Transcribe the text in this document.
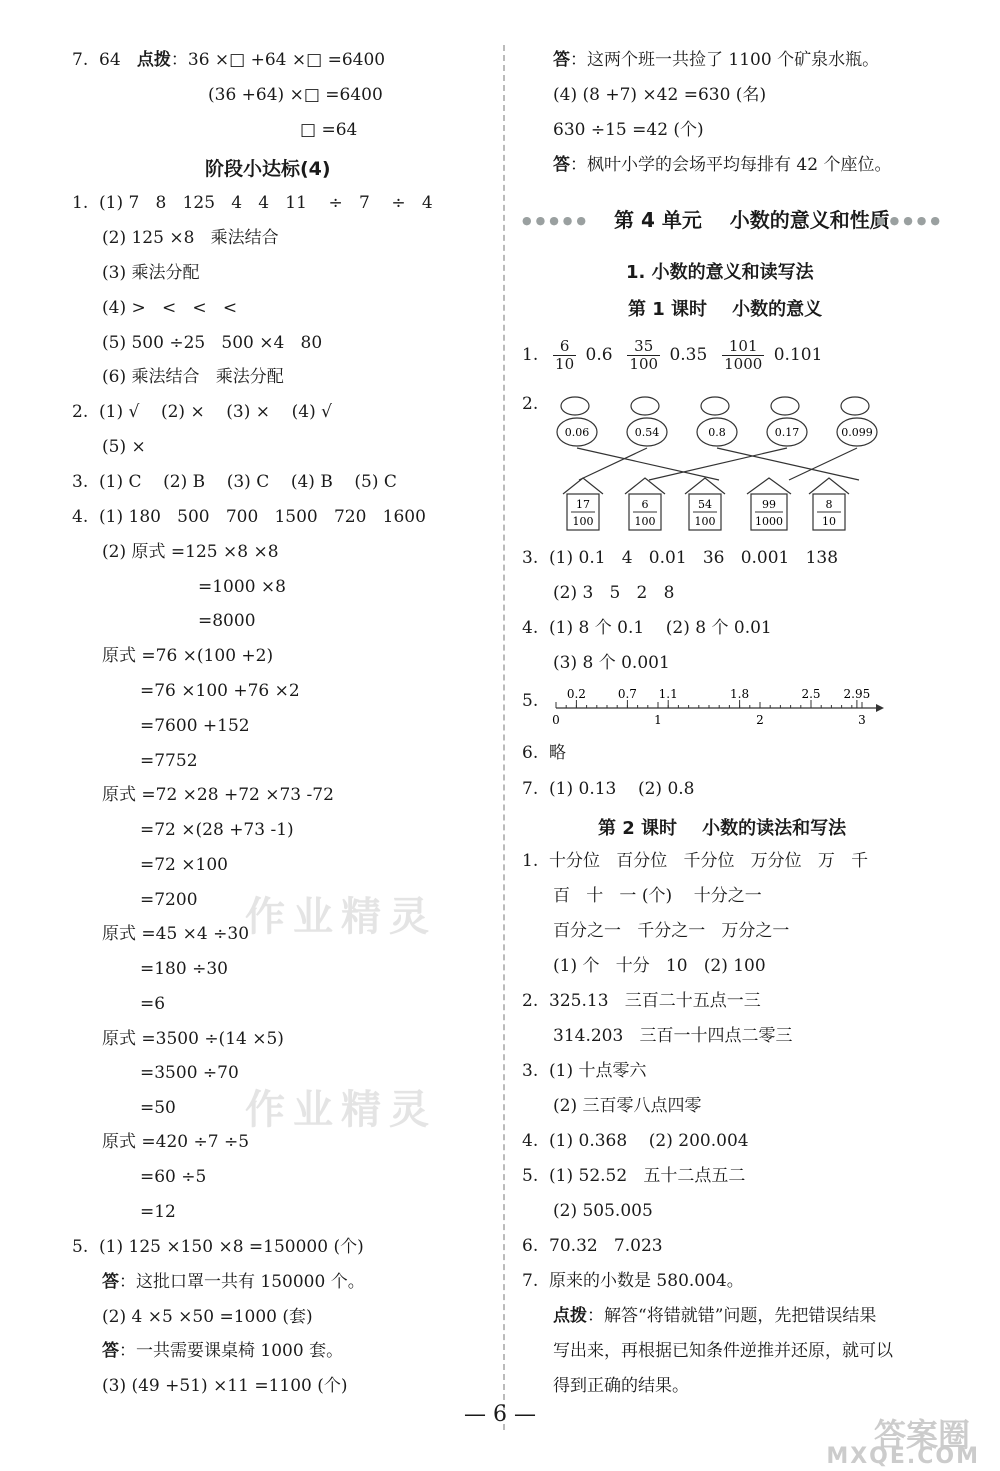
7.  64   点拨：36 ×□ +64 ×□ =6400
(36 +64) ×□ =6400
□ =64
阶段小达标(4)
1.  (1) 7   8   125   4   4   11    ÷   7    ÷   4
(2) 125 ×8   乘法结合
(3) 乘法分配
(4) >   <   <   <
(5) 500 ÷25   500 ×4   80
(6) 乘法结合   乘法分配
2.  (1) √    (2) ×    (3) ×    (4) √
(5) ×
3.  (1) C    (2) B    (3) C    (4) B    (5) C
4.  (1) 180   500   700   1500   720   1600
(2) 原式 =125 ×8 ×8
=1000 ×8
=8000
原式 =76 ×(100 +2)
=76 ×100 +76 ×2
=7600 +152
=7752
原式 =72 ×28 +72 ×73 -72
=72 ×(28 +73 -1)
=72 ×100
=7200
原式 =45 ×4 ÷30
=180 ÷30
=6
原式 =3500 ÷(14 ×5)
=3500 ÷70
=50
原式 =420 ÷7 ÷5
=60 ÷5
=12
5.  (1) 125 ×150 ×8 =150000 (个)
答：这批口罩一共有 150000 个。
(2) 4 ×5 ×50 =1000 (套)
答：一共需要课桌椅 1000 套。
(3) (49 +51) ×11 =1100 (个)
作业精灵
作业精灵
答：这两个班一共捡了 1100 个矿泉水瓶。
(4) (8 +7) ×42 =630 (名)
630 ÷15 =42 (个)
答：枫叶小学的会场平均每排有 42 个座位。
●●●●● 第 4 单元    小数的意义和性质
●●●●●
1. 小数的意义和读写法
第 1 课时    小数的意义
1. $\frac{6}{10} 0.6 \frac{35}{100} 0.35 \frac{101}{1000} 0.101$
2.
0.06	0.54	0.8	0.17	0.099
17
100
6
100
54
100
99
1000
8
10
3.  (1) 0.1   4   0.01   36   0.001   138
(2) 3   5   2   8
4.  (1) 8 个 0.1    (2) 8 个 0.01
(3) 8 个 0.001
5. 0.2	0.7 1.1	1.8	2.5 2.95
0	1	2	3
6.  略
7.  (1) 0.13    (2) 0.8
第 2 课时    小数的读法和写法
1.  十分位   百分位   千分位   万分位   万   千
百   十   一 (个)    十分之一
百分之一   千分之一   万分之一
(1) 个   十分   10   (2) 100
2.  325.13   三百二十五点一三
314.203   三百一十四点二零三
3.  (1) 十点零六
(2) 三百零八点四零
4.  (1) 0.368    (2) 200.004
5.  (1) 52.52   五十二点五二
(2) 505.005
6.  70.32   7.023
7.  原来的小数是 580.004。
点拨：解答“将错就错”问题，先把错误结果
写出来，再根据已知条件逆推并还原，就可以
得到正确的结果。
— 6 —
答案圈
MXQE.COM
